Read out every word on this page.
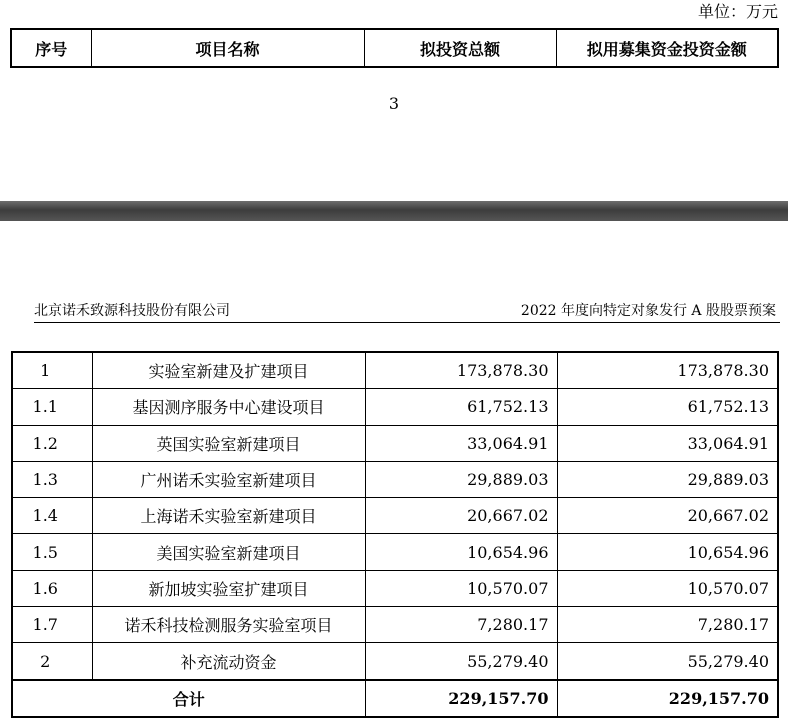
单位：万元
序号	项目名称	拟投资总额	拟用募集资金投资金额
3
北京诺禾致源科技股份有限公司	2022 年度向特定对象发行 A 股股票预案
1	实验室新建及扩建项目	173,878.30	173,878.30
1.1	基因测序服务中心建设项目	61,752.13	61,752.13
1.2	英国实验室新建项目	33,064.91	33,064.91
1.3	广州诺禾实验室新建项目	29,889.03	29,889.03
1.4	上海诺禾实验室新建项目	20,667.02	20,667.02
1.5	美国实验室新建项目	10,654.96	10,654.96
1.6	新加坡实验室扩建项目	10,570.07	10,570.07
1.7	诺禾科技检测服务实验室项目	7,280.17	7,280.17
2	补充流动资金	55,279.40	55,279.40
合计		229,157.70	229,157.70
